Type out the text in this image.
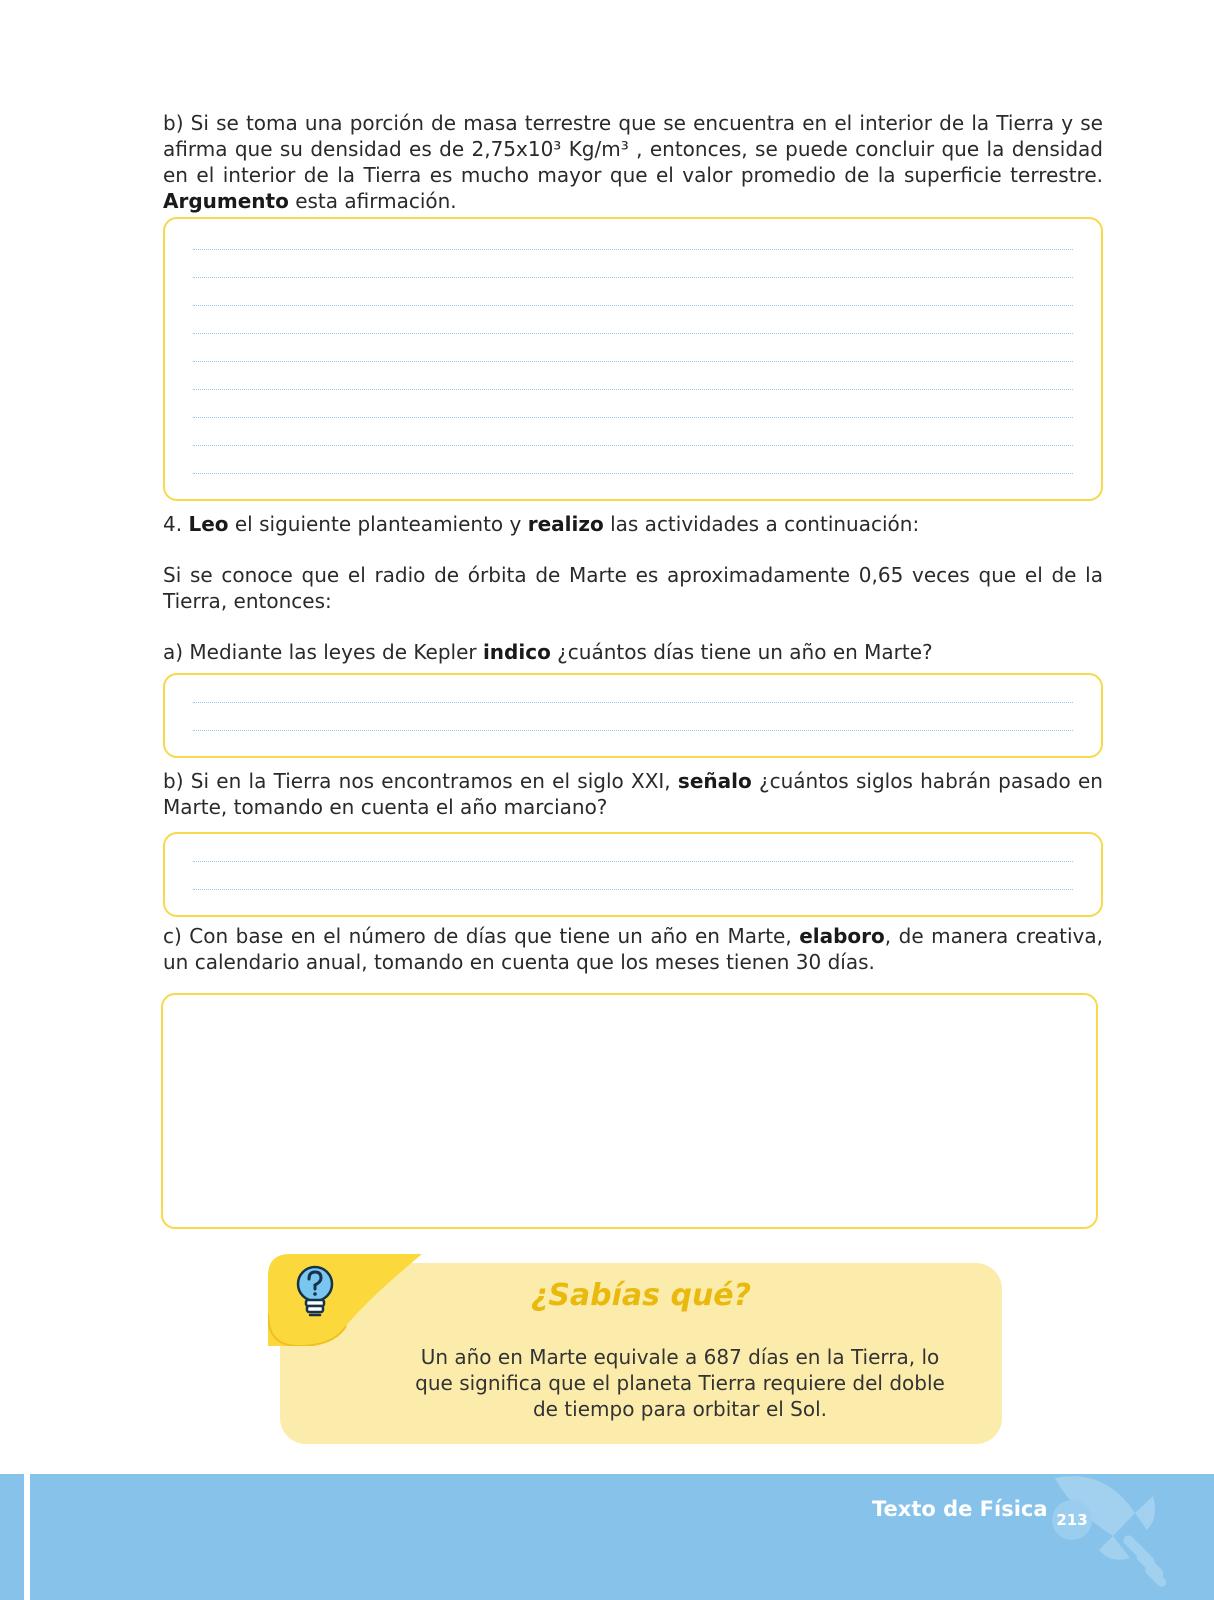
b) Si se toma una porción de masa terrestre que se encuentra en el interior de la Tierra y se afirma que su densidad es de 2,75x10³ Kg/m³ , entonces, se puede concluir que la densidad en el interior de la Tierra es mucho mayor que el valor promedio de la superficie terrestre. Argumento esta afirmación.
4. Leo el siguiente planteamiento y realizo las actividades a continuación:
Si se conoce que el radio de órbita de Marte es aproximadamente 0,65 veces que el de la Tierra, entonces:
a) Mediante las leyes de Kepler indico ¿cuántos días tiene un año en Marte?
b) Si en la Tierra nos encontramos en el siglo XXI, señalo ¿cuántos siglos habrán pasado en Marte, tomando en cuenta el año marciano?
c) Con base en el número de días que tiene un año en Marte, elaboro, de manera creativa, un calendario anual, tomando en cuenta que los meses tienen 30 días.
¿Sabías qué?
Un año en Marte equivale a 687 días en la Tierra, lo que significa que el planeta Tierra requiere del doble de tiempo para orbitar el Sol.
Texto de Física 213
